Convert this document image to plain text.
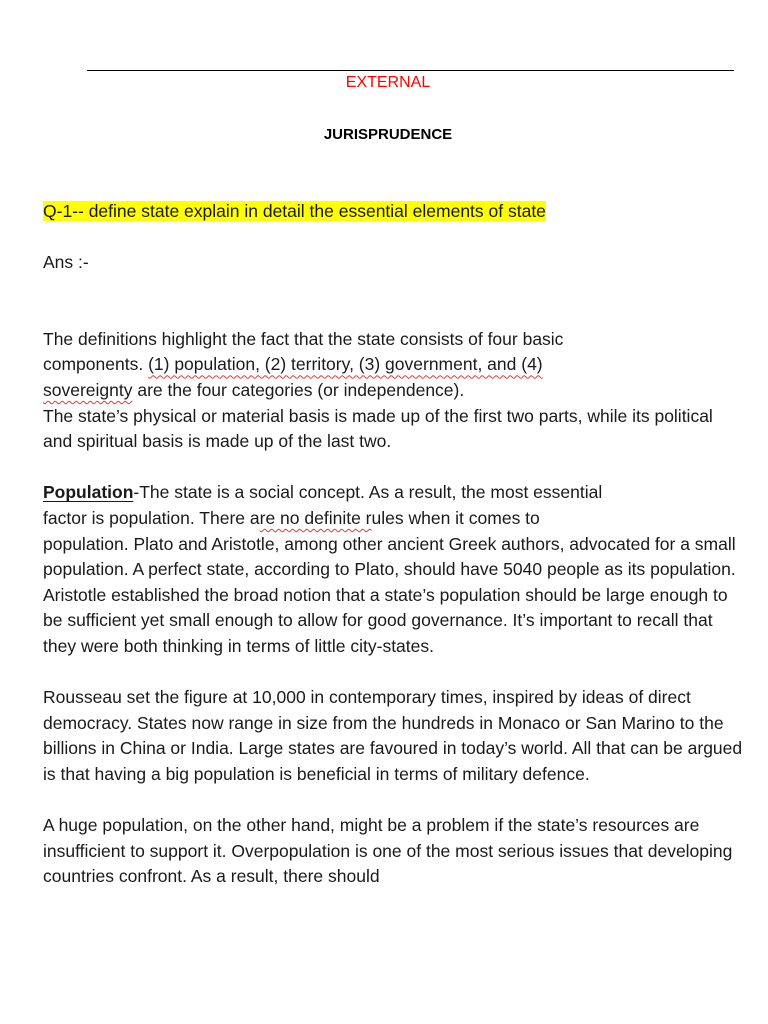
EXTERNAL
JURISPRUDENCE

Q-1-- define state explain in detail the essential elements of state

Ans :-

The definitions highlight the fact that the state consists of four basic
components. (1) population, (2) territory, (3) government, and (4)
sovereignty are the four categories (or independence).

The state’s physical or material basis is made up of the first two parts, while its political and spiritual basis is made up of the last two.

Population-The state is a social concept. As a result, the most essential
factor is population. There are no definite rules when it comes to
population. Plato and Aristotle, among other ancient Greek authors, advocated for a small population. A perfect state, according to Plato, should have 5040 people as its population.

Aristotle established the broad notion that a state’s population should be large enough to be sufficient yet small enough to allow for good governance. It’s important to recall that they were both thinking in terms of little city-states.

Rousseau set the figure at 10,000 in contemporary times, inspired by ideas of direct democracy. States now range in size from the hundreds in Monaco or San Marino to the billions in China or India. Large states are favoured in today’s world. All that can be argued is that having a big population is beneficial in terms of military defence.

A huge population, on the other hand, might be a problem if the state’s resources are insufficient to support it. Overpopulation is one of the most serious issues that developing countries confront. As a result, there should
